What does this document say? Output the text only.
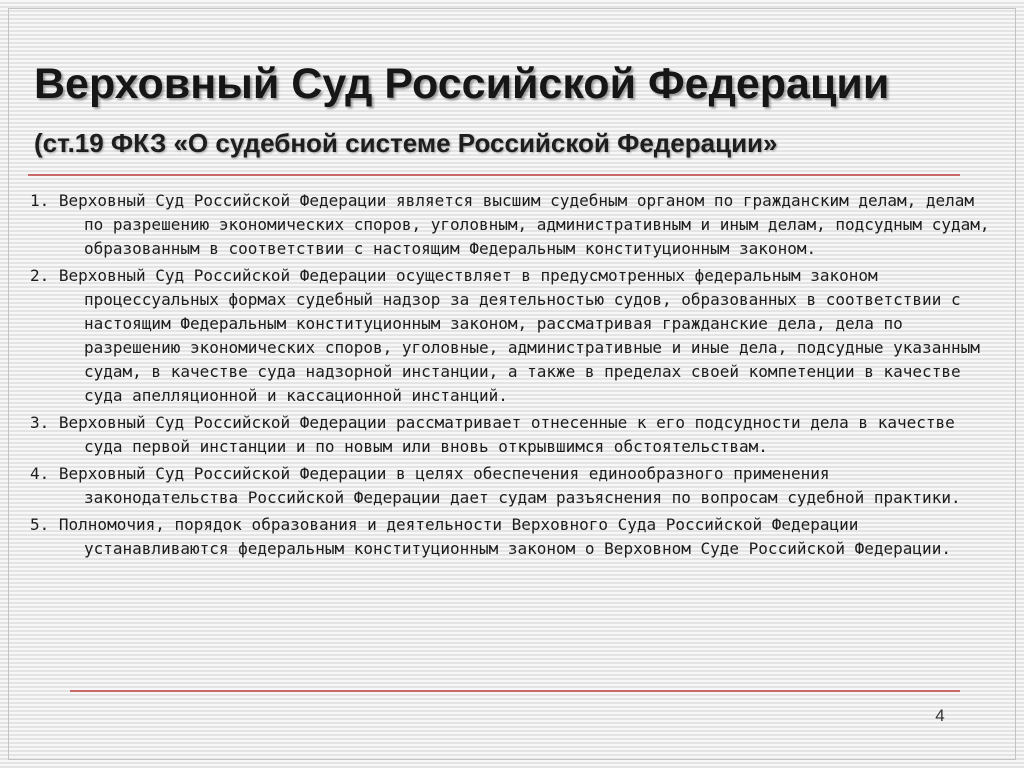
Верховный Суд Российской Федерации
(ст.19 ФКЗ «О судебной системе Российской Федерации»

1. Верховный Суд Российской Федерации является высшим судебным органом по гражданским делам, делам по разрешению экономических споров, уголовным, административным и иным делам, подсудным судам, образованным в соответствии с настоящим Федеральным конституционным законом.

2. Верховный Суд Российской Федерации осуществляет в предусмотренных федеральным законом процессуальных формах судебный надзор за деятельностью судов, образованных в соответствии с настоящим Федеральным конституционным законом, рассматривая гражданские дела, дела по разрешению экономических споров, уголовные, административные и иные дела, подсудные указанным судам, в качестве суда надзорной инстанции, а также в пределах своей компетенции в качестве суда апелляционной и кассационной инстанций.

3. Верховный Суд Российской Федерации рассматривает отнесенные к его подсудности дела в качестве суда первой инстанции и по новым или вновь открывшимся обстоятельствам.

4. Верховный Суд Российской Федерации в целях обеспечения единообразного применения законодательства Российской Федерации дает судам разъяснения по вопросам судебной практики.

5. Полномочия, порядок образования и деятельности Верховного Суда Российской Федерации устанавливаются федеральным конституционным законом о Верховном Суде Российской Федерации.

4
